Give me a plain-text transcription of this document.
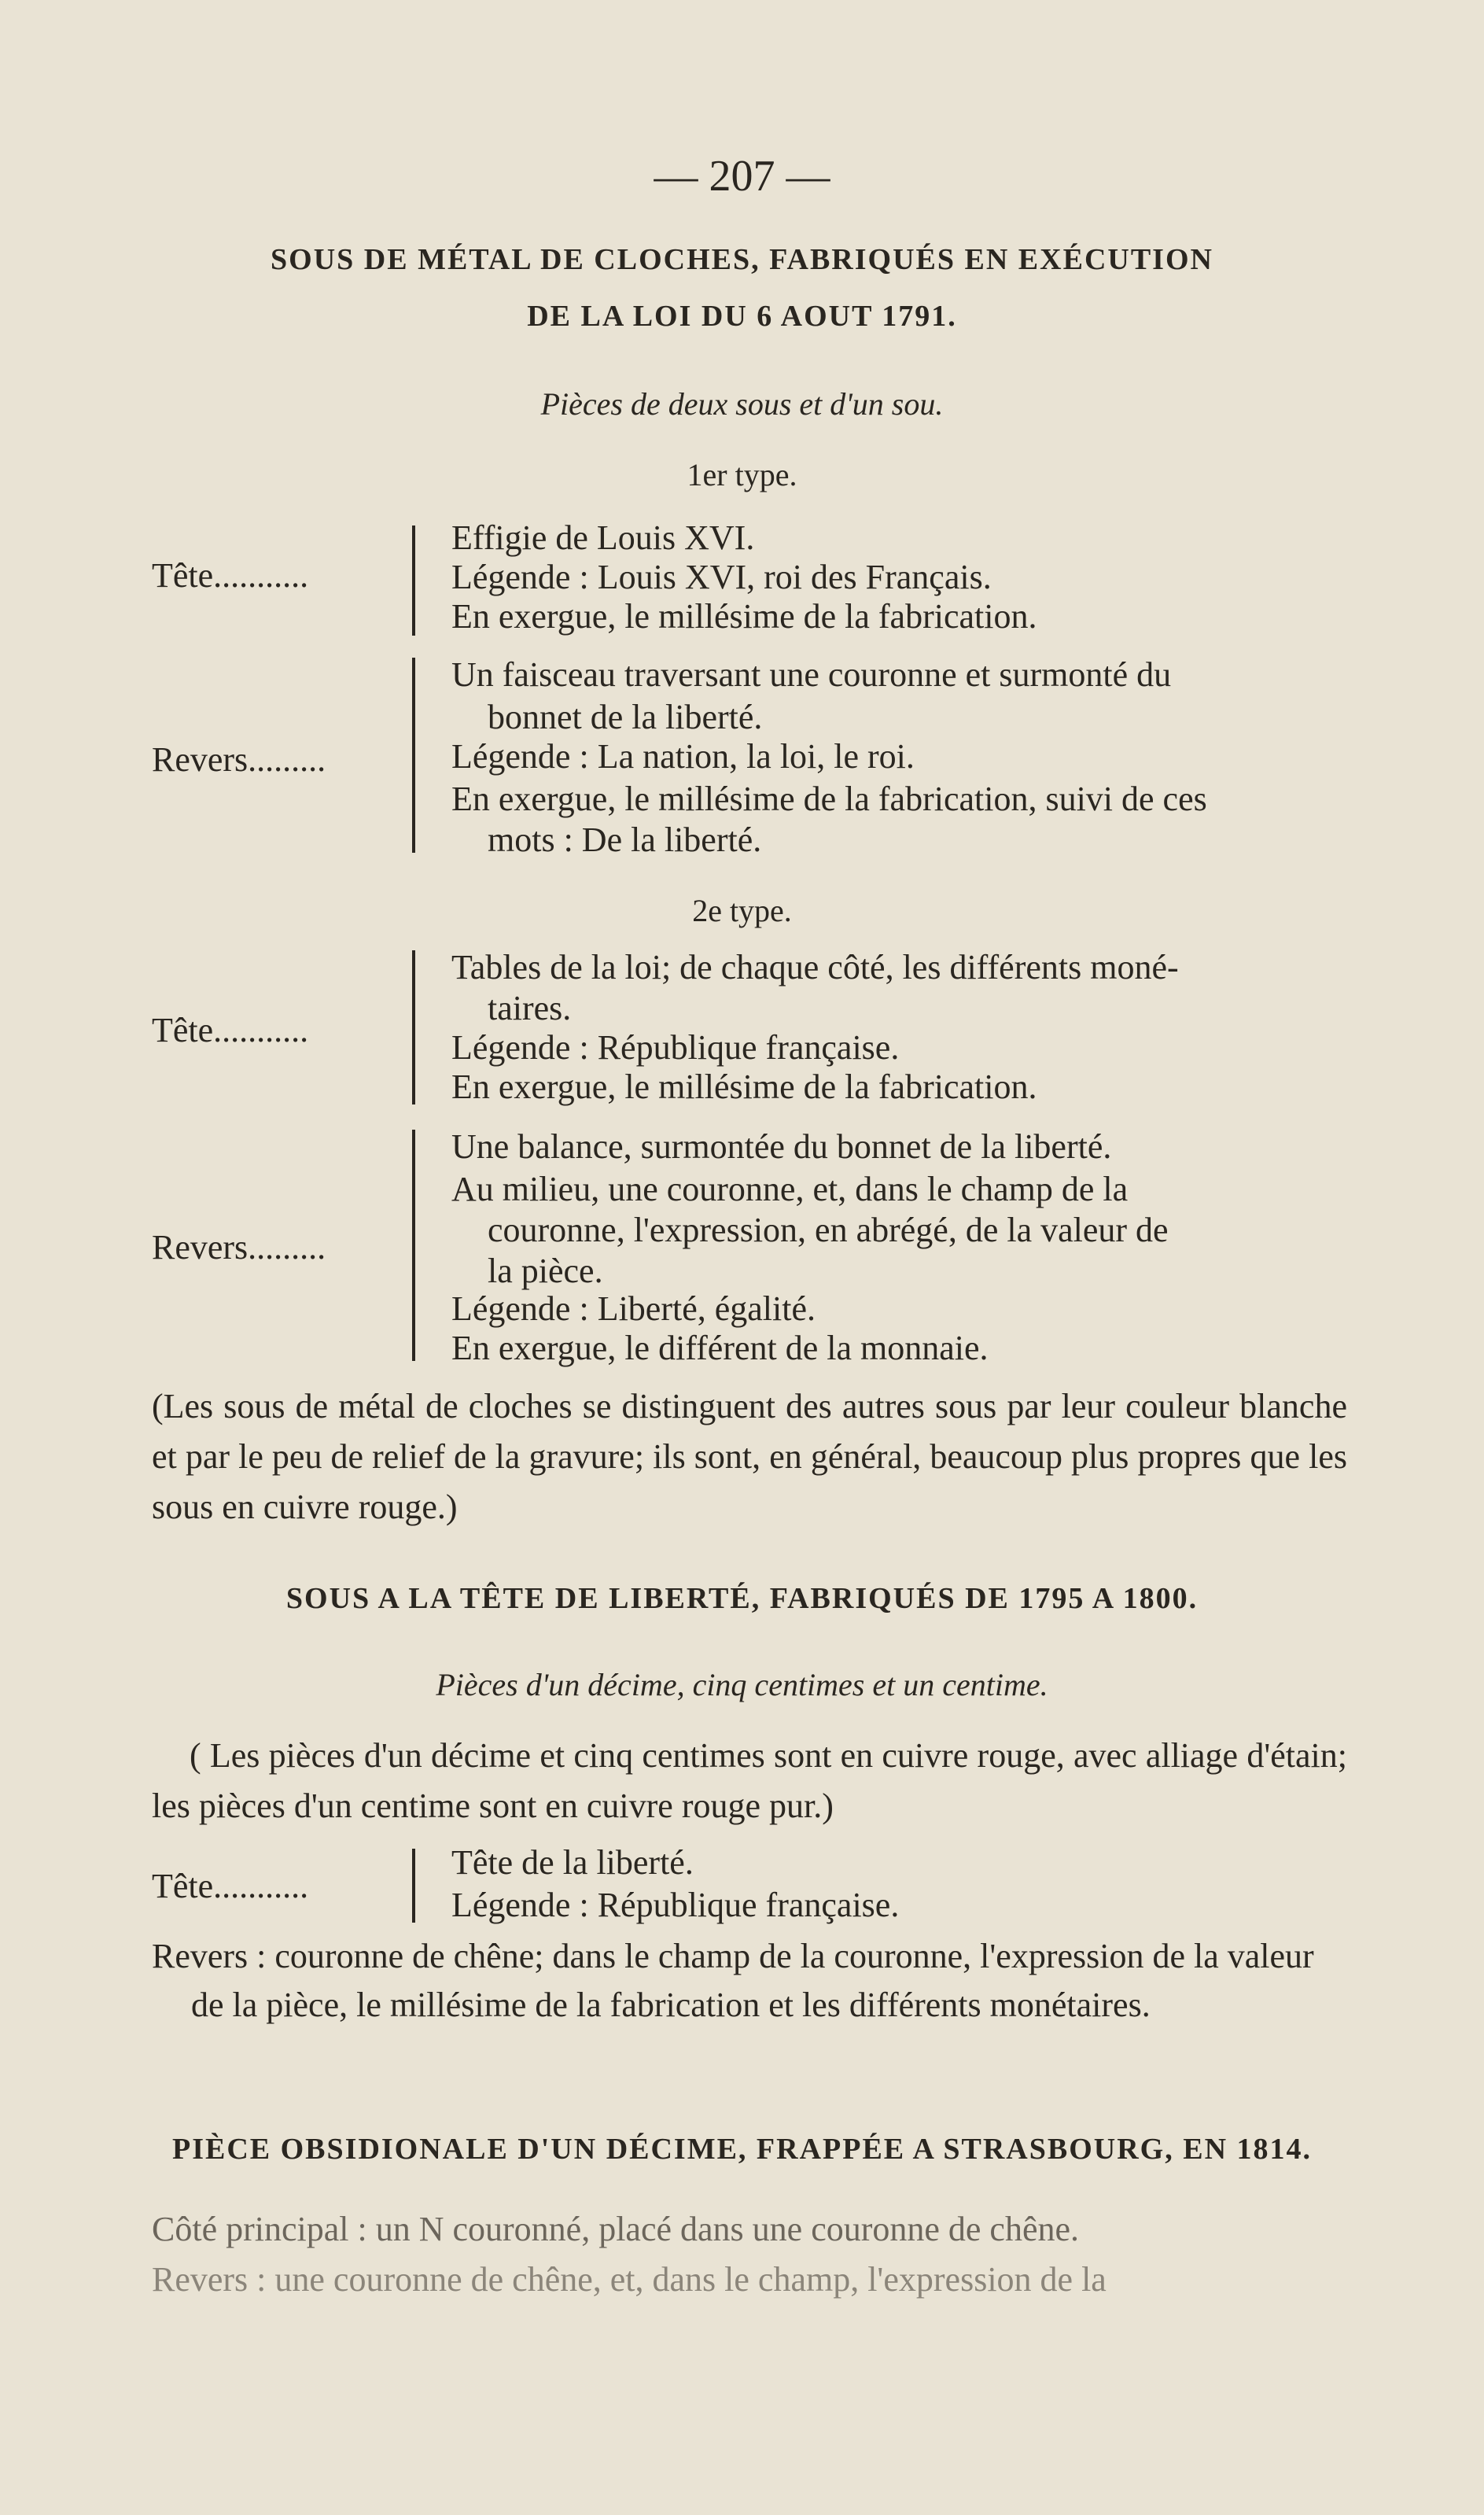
— 207 —
SOUS DE MÉTAL DE CLOCHES, FABRIQUÉS EN EXÉCUTION
DE LA LOI DU 6 AOUT 1791.
Pièces de deux sous et d'un sou.
1er type.
Tête...........
Effigie de Louis XVI.
Légende : Louis XVI, roi des Français.
En exergue, le millésime de la fabrication.
Revers.........
Un faisceau traversant une couronne et surmonté du
bonnet de la liberté.
Légende : La nation, la loi, le roi.
En exergue, le millésime de la fabrication, suivi de ces
mots : De la liberté.
2e type.
Tête...........
Tables de la loi; de chaque côté, les différents moné-
taires.
Légende : République française.
En exergue, le millésime de la fabrication.
Revers.........
Une balance, surmontée du bonnet de la liberté.
Au milieu, une couronne, et, dans le champ de la
couronne, l'expression, en abrégé, de la valeur de
la pièce.
Légende : Liberté, égalité.
En exergue, le différent de la monnaie.
(Les sous de métal de cloches se distinguent des autres sous par leur couleur blanche et par le peu de relief de la gravure; ils sont, en général, beaucoup plus propres que les sous en cuivre rouge.)
SOUS A LA TÊTE DE LIBERTÉ, FABRIQUÉS DE 1795 A 1800.
Pièces d'un décime, cinq centimes et un centime.
( Les pièces d'un décime et cinq centimes sont en cuivre rouge, avec alliage d'étain; les pièces d'un centime sont en cuivre rouge pur.)
Tête...........
Tête de la liberté.
Légende : République française.
Revers : couronne de chêne; dans le champ de la couronne, l'expression de la valeur de la pièce, le millésime de la fabrication et les différents monétaires.
PIÈCE OBSIDIONALE D'UN DÉCIME, FRAPPÉE A STRASBOURG, EN 1814.
Côté principal : un N couronné, placé dans une couronne de chêne.
Revers : une couronne de chêne, et, dans le champ, l'expression de la
